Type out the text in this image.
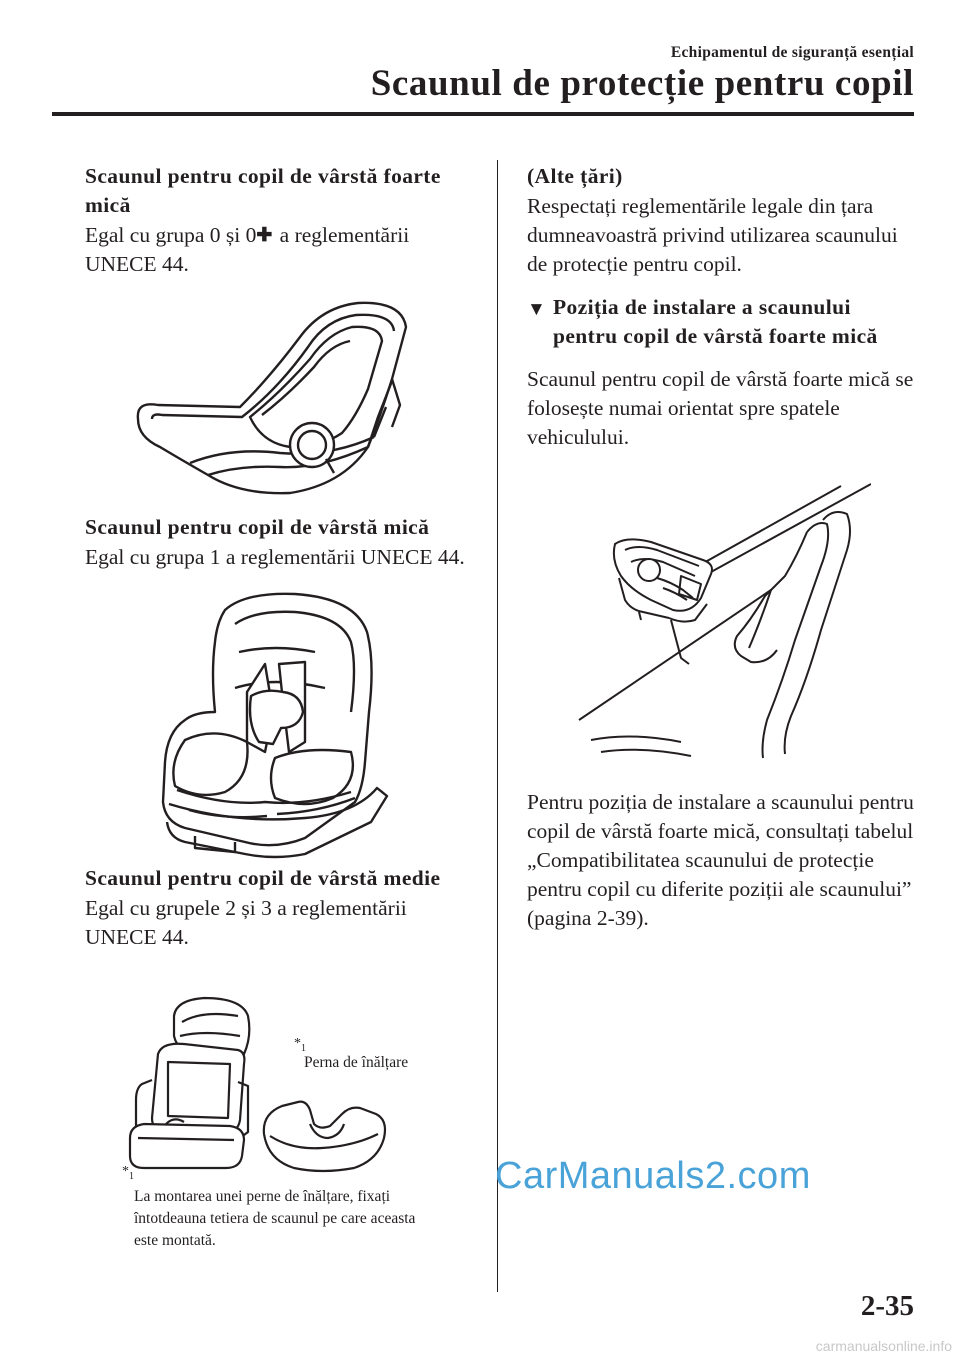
Echipamentul de siguranță esențial
Scaunul de protecție pentru copil
Scaunul pentru copil de vârstă foarte mică
Egal cu grupa 0 și 0✚ a reglementării UNECE 44.
Scaunul pentru copil de vârstă mică
Egal cu grupa 1 a reglementării UNECE 44.
Scaunul pentru copil de vârstă medie
Egal cu grupele 2 și 3 a reglementării UNECE 44.
$*_1$
Perna de înălțare
$*_1$
La montarea unei perne de înălțare, fixați întotdeauna tetiera de scaunul pe care aceasta este montată.
(Alte țări)
Respectați reglementările legale din țara dumneavoastră privind utilizarea scaunului de protecție pentru copil.
▼ Poziția de instalare a scaunului pentru copil de vârstă foarte mică
Scaunul pentru copil de vârstă foarte mică se folosește numai orientat spre spatele vehiculului.
Pentru poziția de instalare a scaunului pentru copil de vârstă foarte mică, consultați tabelul „Compatibilitatea scaunului de protecție pentru copil cu diferite poziții ale scaunului” (pagina 2-39).
2-35
CarManuals2.com
carmanualsonline.info
